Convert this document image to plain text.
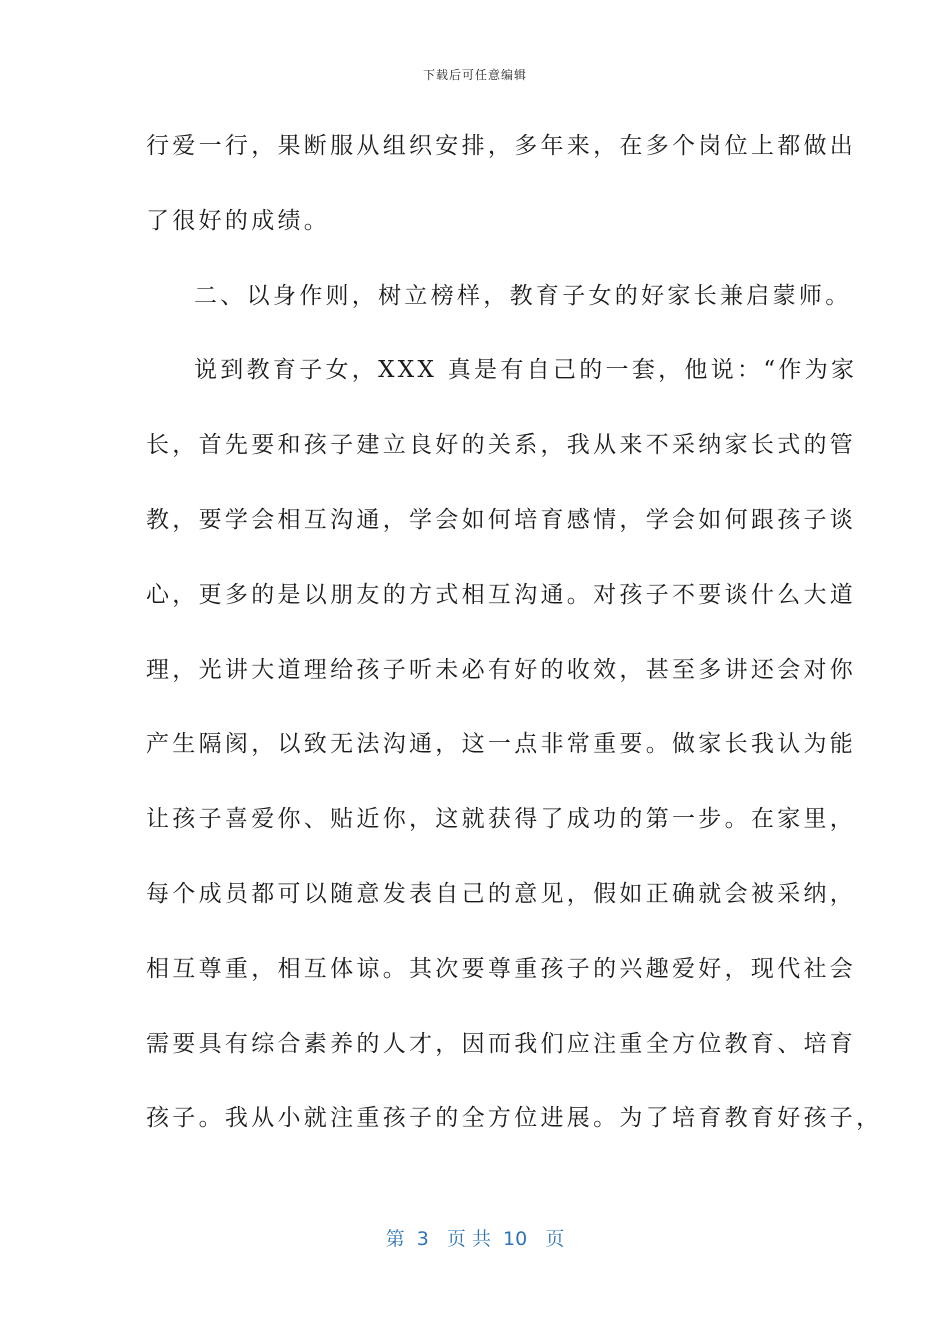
下载后可任意编辑
行爱一行，果断服从组织安排，多年来，在多个岗位上都做出
了很好的成绩。
二、以身作则，树立榜样，教育子女的好家长兼启蒙师。
说到教育子女，XXX 真是有自己的一套，他说：“作为家
长，首先要和孩子建立良好的关系，我从来不采纳家长式的管
教，要学会相互沟通，学会如何培育感情，学会如何跟孩子谈
心，更多的是以朋友的方式相互沟通。对孩子不要谈什么大道
理，光讲大道理给孩子听未必有好的收效，甚至多讲还会对你
产生隔阂，以致无法沟通，这一点非常重要。做家长我认为能
让孩子喜爱你、贴近你，这就获得了成功的第一步。在家里，
每个成员都可以随意发表自己的意见，假如正确就会被采纳，
相互尊重，相互体谅。其次要尊重孩子的兴趣爱好，现代社会
需要具有综合素养的人才，因而我们应注重全方位教育、培育
孩子。我从小就注重孩子的全方位进展。为了培育教育好孩子，
第  3   页 共  10   页
